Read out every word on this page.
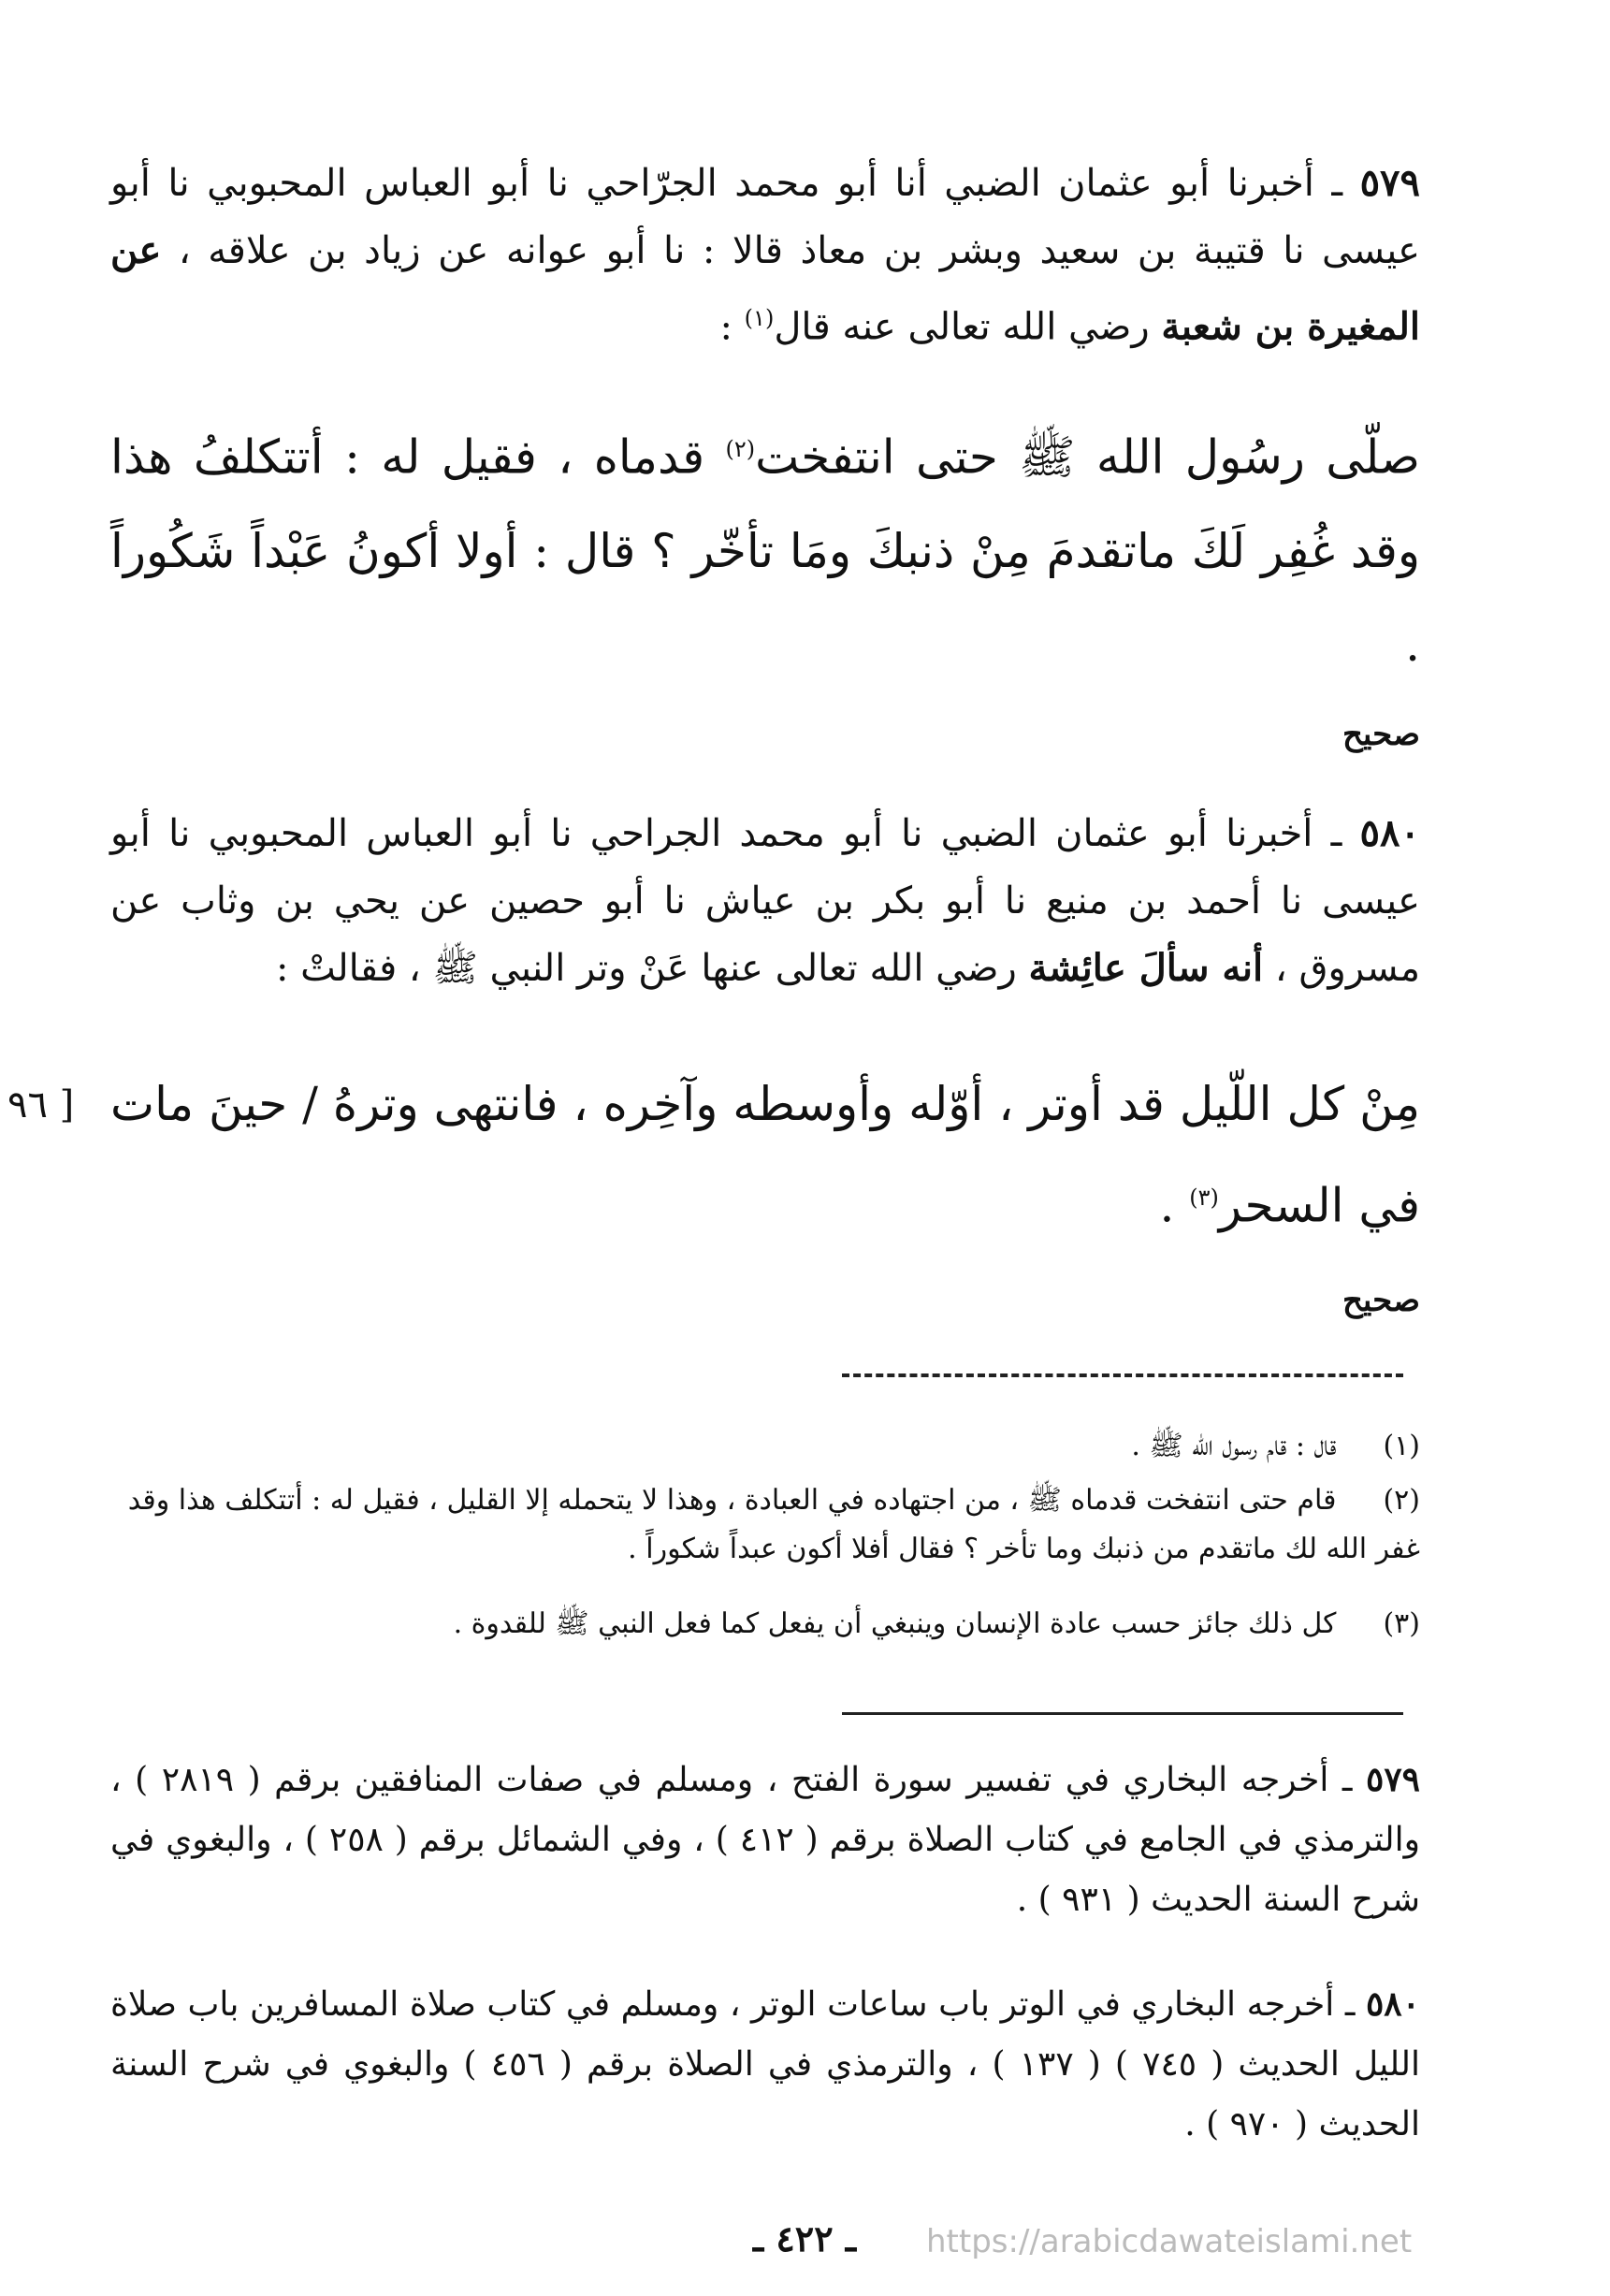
٥٧٩ ـ أخبرنا أبو عثمان الضبي أنا أبو محمد الجرّاحي نا أبو العباس المحبوبي نا أبو عيسى نا قتيبة بن سعيد وبشر بن معاذ قالا : نا أبو عوانه عن زياد بن علاقه ، عن المغيرة بن شعبة رضي الله تعالى عنه قال$^{(١)}$ :
صلّى رسُول الله ﷺ حتى انتفخت$^{(٢)}$ قدماه ، فقيل له : أتتكلفُ هذا وقد غُفِر لَكَ ماتقدمَ مِنْ ذنبكَ ومَا تأخّر ؟ قال : أولا أكونُ عَبْداً شَكُوراً .
صحيح
٥٨٠ ـ أخبرنا أبو عثمان الضبي نا أبو محمد الجراحي نا أبو العباس المحبوبي نا أبو عيسى نا أحمد بن منيع نا أبو بكر بن عياش نا أبو حصين عن يحي بن وثاب عن مسروق ، أنه سألَ عائِشة رضي الله تعالى عنها عَنْ وتر النبي ﷺ ، فقالتْ :
مِنْ كل اللّيل قد أوتر ، أوّله وأوسطه وآخِره ، فانتهى وترهُ / حينَ مات في السحر$^{(٣)}$ .
[ ٩٦
صحيح
(١) قال : قام رسول الله ﷺ .
(٢) قام حتى انتفخت قدماه ﷺ ، من اجتهاده في العبادة ، وهذا لا يتحمله إلا القليل ، فقيل له : أتتكلف هذا وقد غفر الله لك ماتقدم من ذنبك وما تأخر ؟ فقال أفلا أكون عبداً شكوراً .
(٣) كل ذلك جائز حسب عادة الإنسان وينبغي أن يفعل كما فعل النبي ﷺ للقدوة .
٥٧٩ ـ أخرجه البخاري في تفسير سورة الفتح ، ومسلم في صفات المنافقين برقم ( ٢٨١٩ ) ، والترمذي في الجامع في كتاب الصلاة برقم ( ٤١٢ ) ، وفي الشمائل برقم ( ٢٥٨ ) ، والبغوي في شرح السنة الحديث ( ٩٣١ ) .
٥٨٠ ـ أخرجه البخاري في الوتر باب ساعات الوتر ، ومسلم في كتاب صلاة المسافرين باب صلاة الليل الحديث ( ٧٤٥ ) ( ١٣٧ ) ، والترمذي في الصلاة برقم ( ٤٥٦ ) والبغوي في شرح السنة الحديث ( ٩٧٠ ) .
ـ ٤٢٢ ـ	https://arabicdawateislami.net
